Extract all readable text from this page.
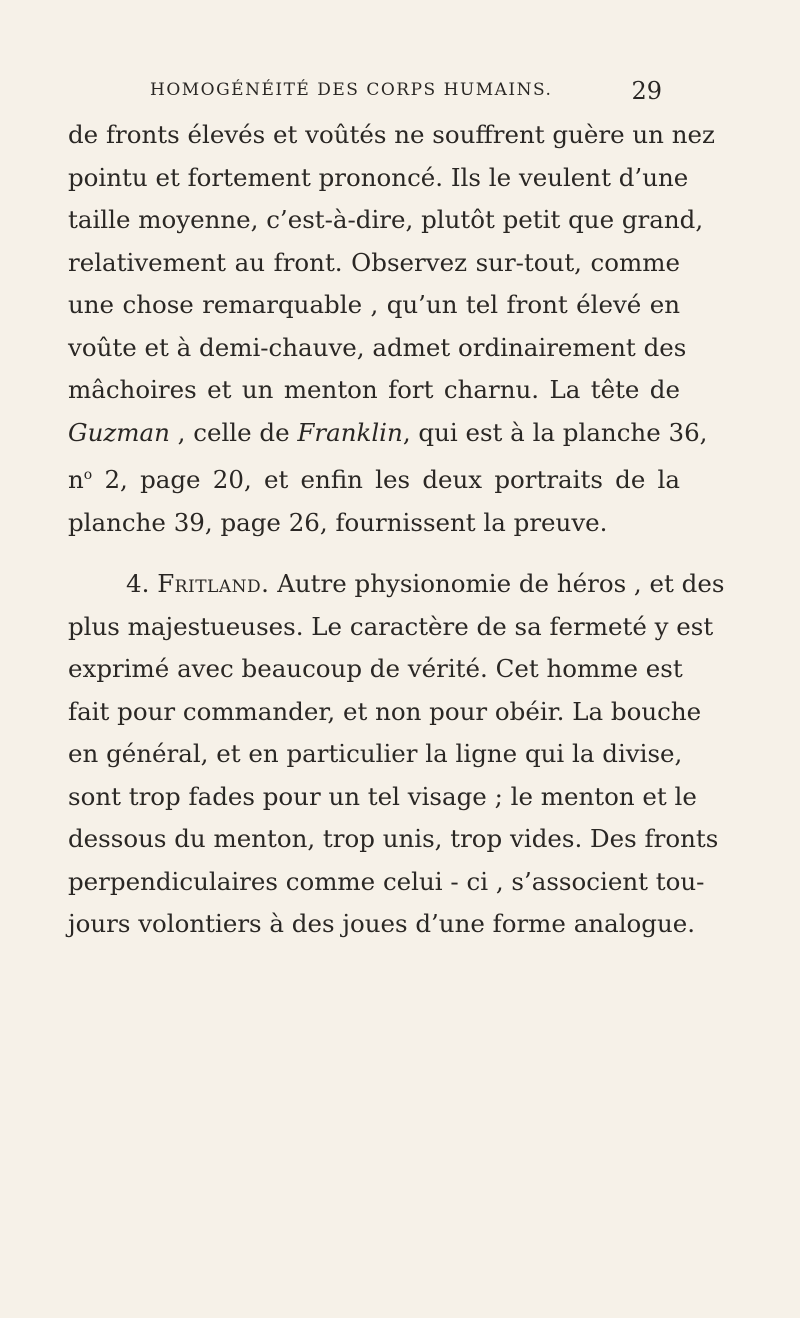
HOMOGÉNÉITÉ DES CORPS HUMAINS.	29
de fronts élevés et voûtés ne souffrent guère un nez
pointu et fortement prononcé. Ils le veulent d’une
taille moyenne, c’est-à-dire, plutôt petit que grand,
relativement au front. Observez sur-tout, comme
une chose remarquable , qu’un tel front élevé en
voûte et à demi-chauve, admet ordinairement des
mâchoires et un menton fort charnu. La tête de
Guzman , celle de Franklin, qui est à la planche 36,
$n^o$ 2, page 20, et enfin les deux portraits de la
planche 39, page 26, fournissent la preuve.
4. Fritland. Autre physionomie de héros , et des
plus majestueuses. Le caractère de sa fermeté y est
exprimé avec beaucoup de vérité. Cet homme est
fait pour commander, et non pour obéir. La bouche
en général, et en particulier la ligne qui la divise,
sont trop fades pour un tel visage ; le menton et le
dessous du menton, trop unis, trop vides. Des fronts
perpendiculaires comme celui - ci , s’associent tou-
jours volontiers à des joues d’une forme analogue.
